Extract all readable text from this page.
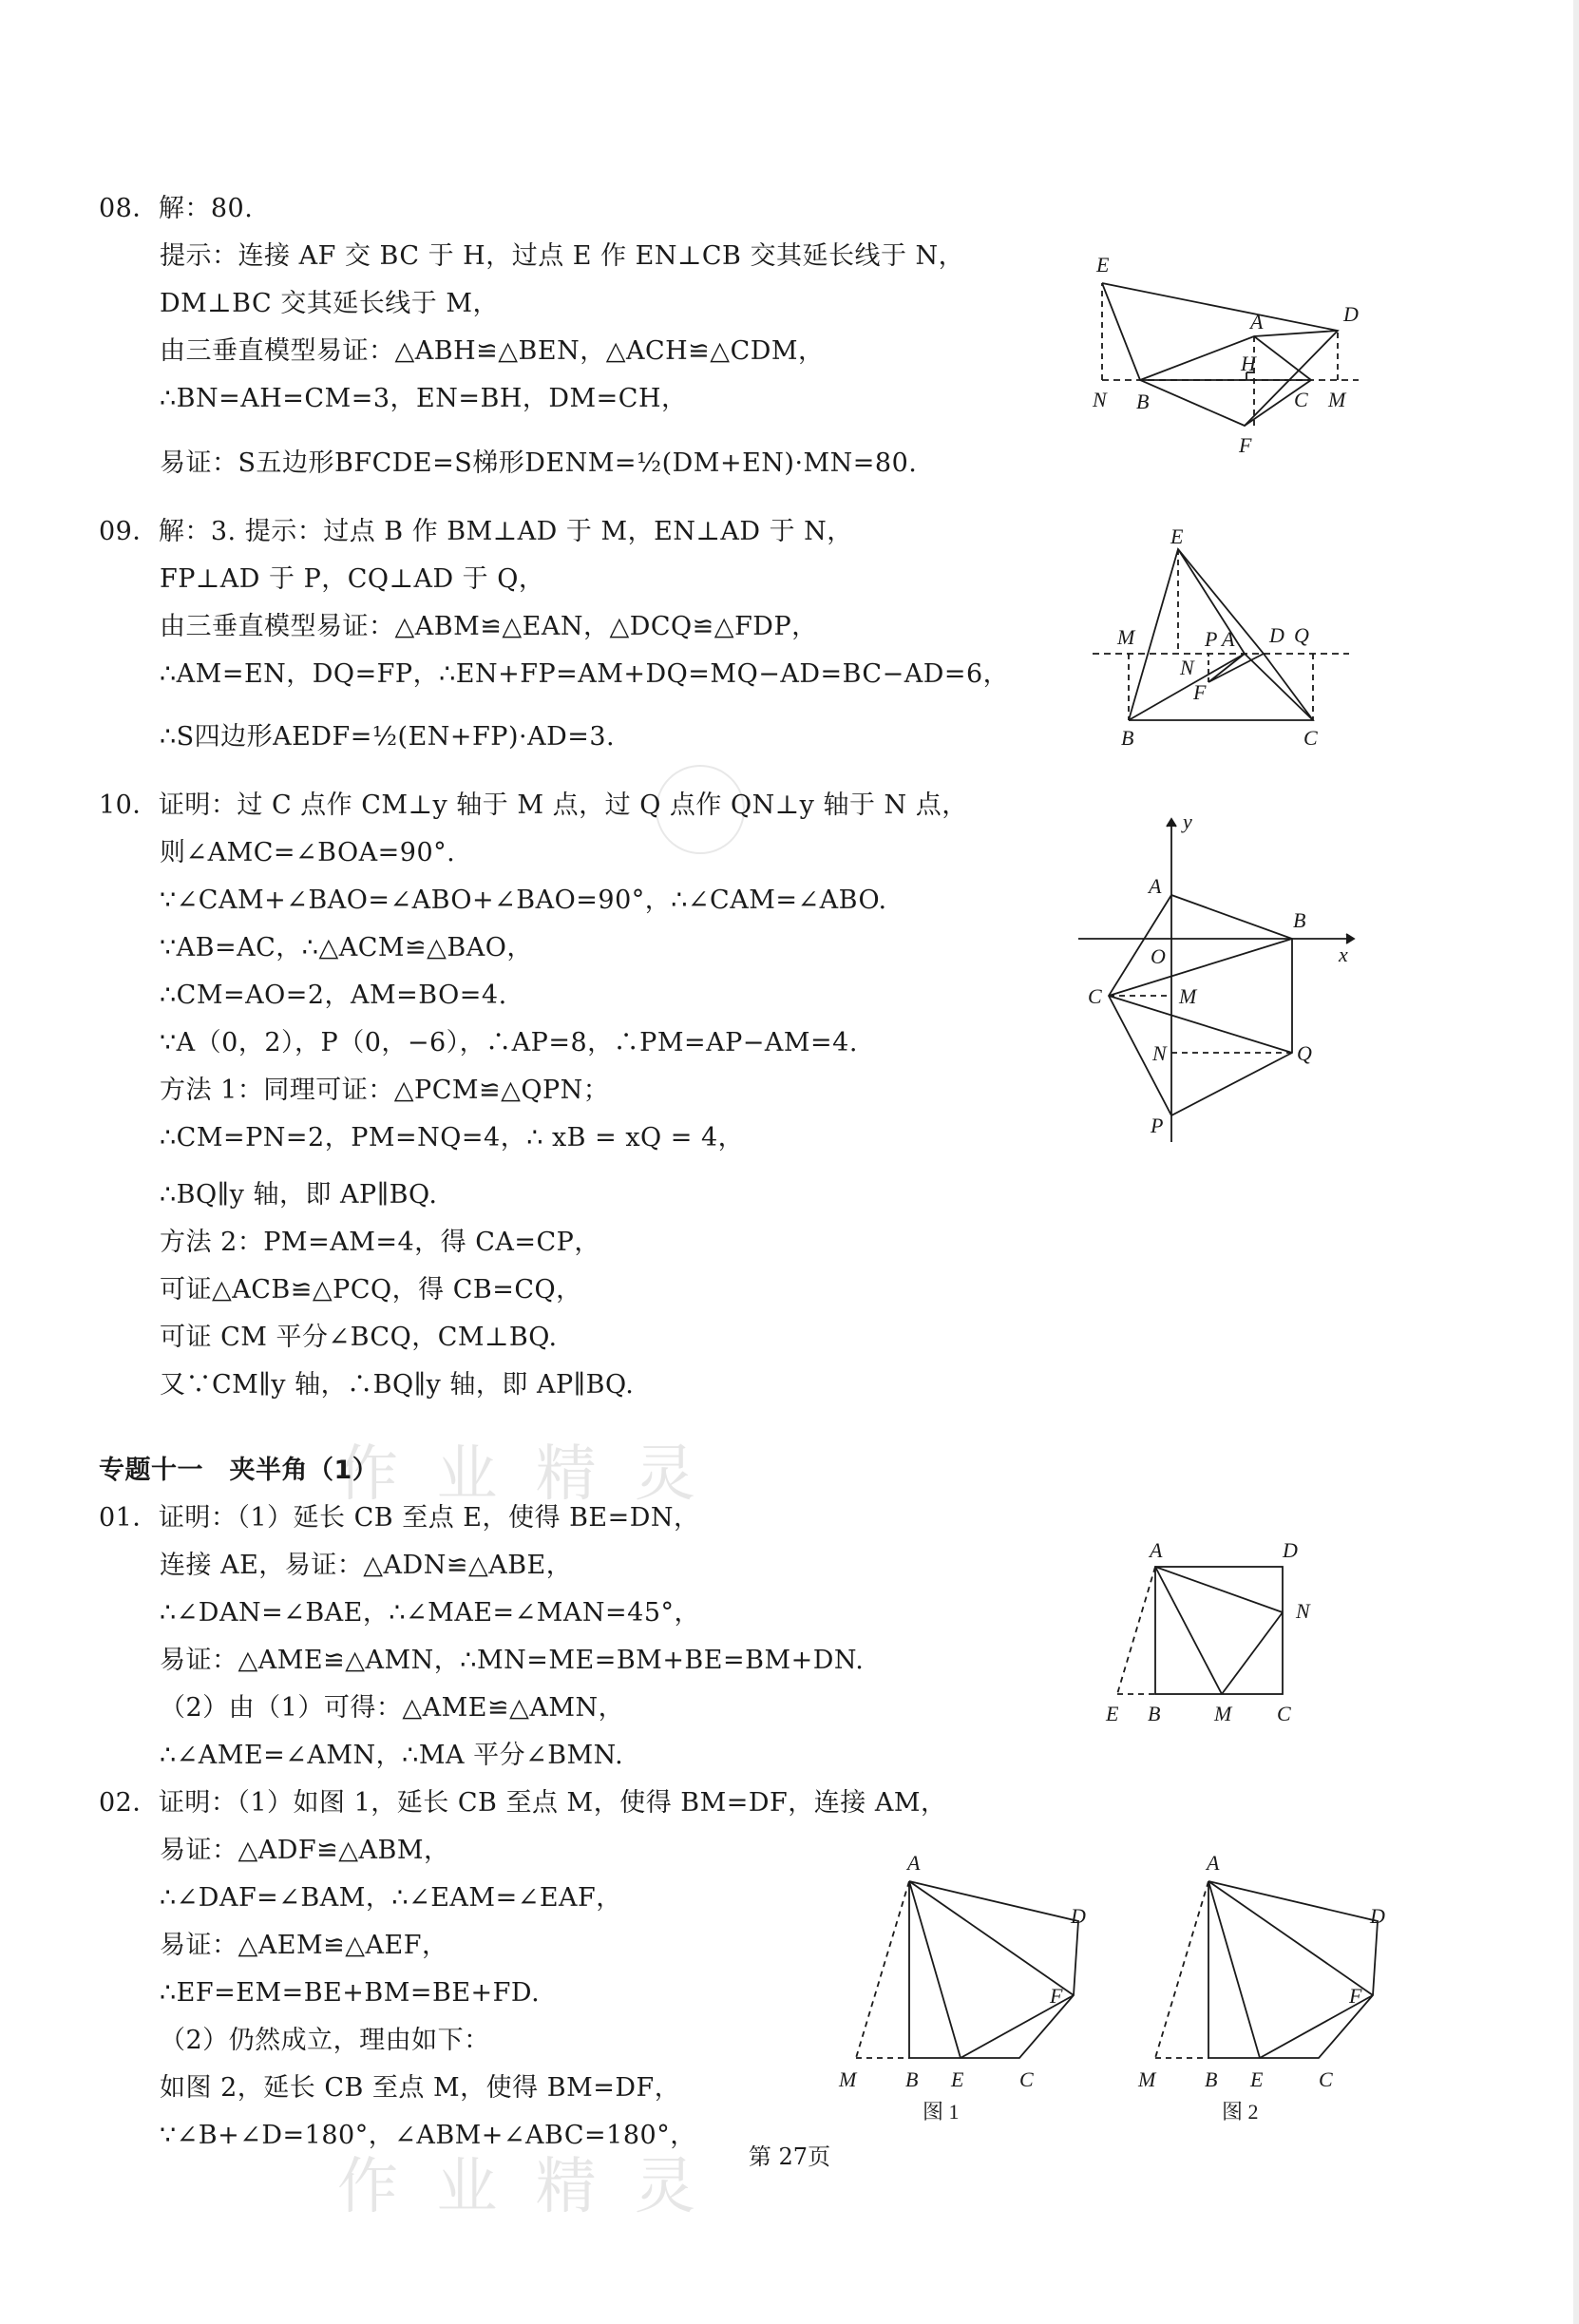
作 业 精 灵
作 业 精 灵
08．解：80.
提示：连接 AF 交 BC 于 H，过点 E 作 EN⊥CB 交其延长线于 N，
DM⊥BC 交其延长线于 M，
由三垂直模型易证：△ABH≌△BEN，△ACH≌△CDM，
∴BN=AH=CM=3，EN=BH，DM=CH，
易证：S五边形BFCDE=S梯形DENM=½(DM+EN)·MN=80.
09．解：3. 提示：过点 B 作 BM⊥AD 于 M，EN⊥AD 于 N，
FP⊥AD 于 P，CQ⊥AD 于 Q，
由三垂直模型易证：△ABM≌△EAN，△DCQ≌△FDP，
∴AM=EN，DQ=FP，∴EN+FP=AM+DQ=MQ−AD=BC−AD=6，
∴S四边形AEDF=½(EN+FP)·AD=3.
10．证明：过 C 点作 CM⊥y 轴于 M 点，过 Q 点作 QN⊥y 轴于 N 点，
则∠AMC=∠BOA=90°.
∵∠CAM+∠BAO=∠ABO+∠BAO=90°，∴∠CAM=∠ABO.
∵AB=AC，∴△ACM≌△BAO，
∴CM=AO=2，AM=BO=4.
∵A（0，2），P（0，−6），∴AP=8，∴PM=AP−AM=4.
方法 1：同理可证：△PCM≌△QPN；
∴CM=PN=2，PM=NQ=4，∴ xB = xQ = 4，
∴BQ∥y 轴，即 AP∥BQ.
方法 2：PM=AM=4，得 CA=CP，
可证△ACB≌△PCQ，得 CB=CQ，
可证 CM 平分∠BCQ，CM⊥BQ.
又∵CM∥y 轴，∴BQ∥y 轴，即 AP∥BQ.
专题十一　夹半角（1）
01．证明：（1）延长 CB 至点 E，使得 BE=DN，
连接 AE，易证：△ADN≌△ABE，
∴∠DAN=∠BAE，∴∠MAE=∠MAN=45°，
易证：△AME≌△AMN，∴MN=ME=BM+BE=BM+DN.
（2）由（1）可得：△AME≌△AMN，
∴∠AME=∠AMN，∴MA 平分∠BMN.
02．证明：（1）如图 1，延长 CB 至点 M，使得 BM=DF，连接 AM，
易证：△ADF≌△ABM，
∴∠DAF=∠BAM，∴∠EAM=∠EAF，
易证：△AEM≌△AEF，
∴EF=EM=BE+BM=BE+FD.
（2）仍然成立，理由如下：
如图 2，延长 CB 至点 M，使得 BM=DF，
∵∠B+∠D=180°，∠ABM+∠ABC=180°，
E
D
A
H
N B	C M
F
E
M	P A D Q
N
F
B	C
y
A
B
O	x
C	M
N	Q
P
A	D
N
E B	M C
A
D
F
M B E	C
图 1
A
D
F
M B E	C
图 2
第 27页
